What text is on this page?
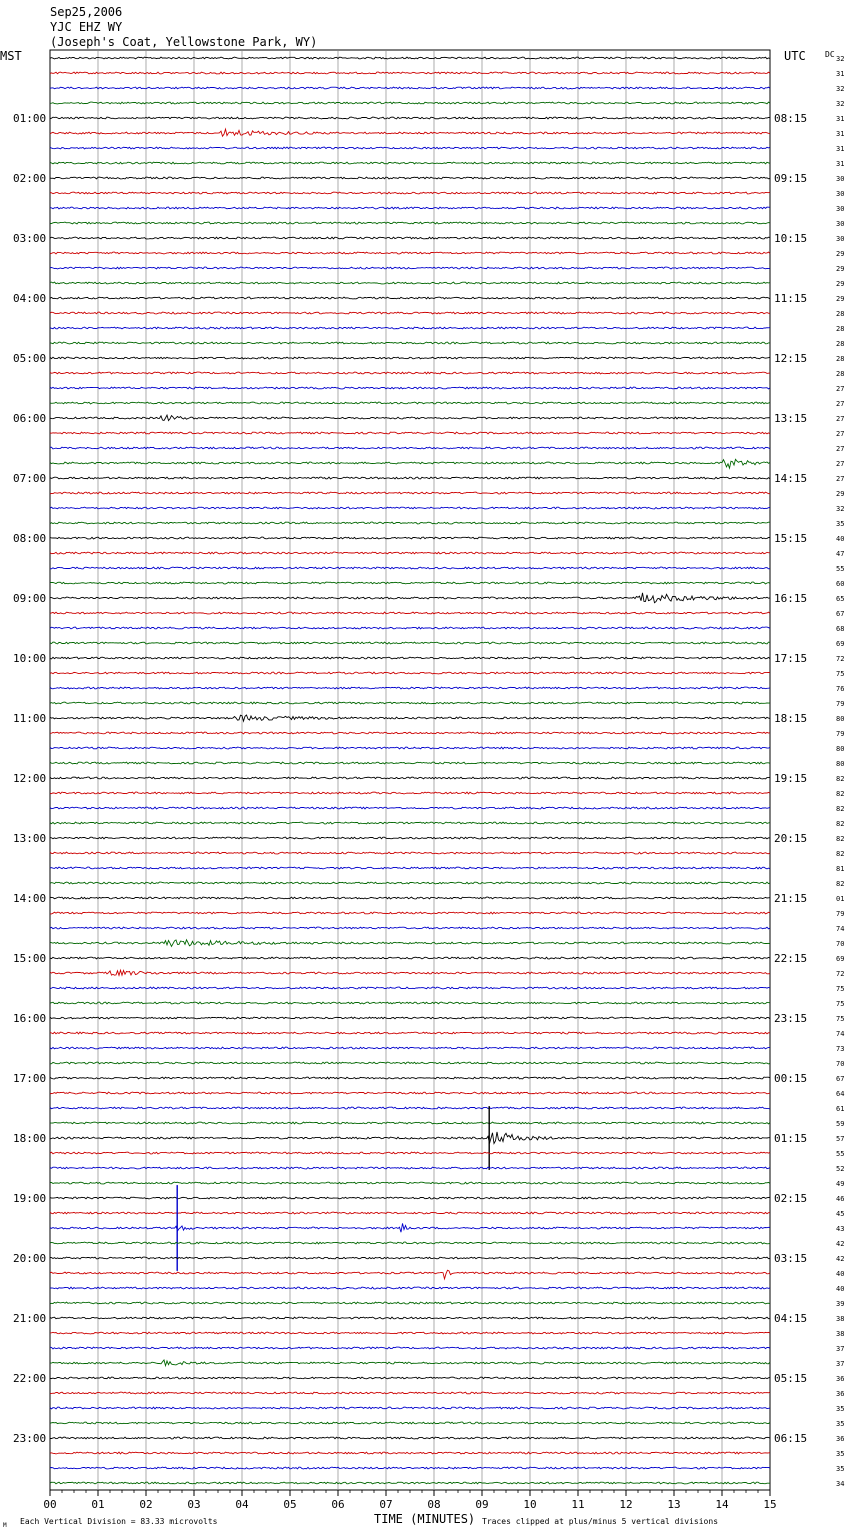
Sep25,2006
YJC EHZ WY
(Joseph's Coat, Yellowstone Park, WY)
MST	UTC DC
01:00
02:00
03:00
04:00
05:00
06:00
07:00
08:00
09:00
10:00
11:00
12:00
13:00
14:00
15:00
16:00
17:00
18:00
19:00
20:00
21:00
22:00
23:00
08:15
09:15
10:15
11:15
12:15
13:15
14:15
15:15
16:15
17:15
18:15
19:15
20:15
21:15
22:15
23:15
00:15
01:15
02:15
03:15
04:15
05:15
06:15
32
31
32
32
31
31
31
31
30
30
30
30
30
29
29
29
29
28
28
28
28
28
27
27
27
27
27
27
27
29
32
35
40
47
55
60
65
67
68
69
72
75
76
79
80
79
80
80
82
82
82
82
82
82
81
82
01
79
74
70
69
72
75
75
75
74
73
70
67
64
61
59
57
55
52
49
46
45
43
42
42
40
40
39
38
38
37
37
36
36
35
35
36
35
35
34
00	01	02	03	04	05	06	07	08	09	10	11	12	13	14	15
TIME (MINUTES)
Each Vertical Division = 83.33 microvolts	Traces clipped at plus/minus 5 vertical divisions
M
